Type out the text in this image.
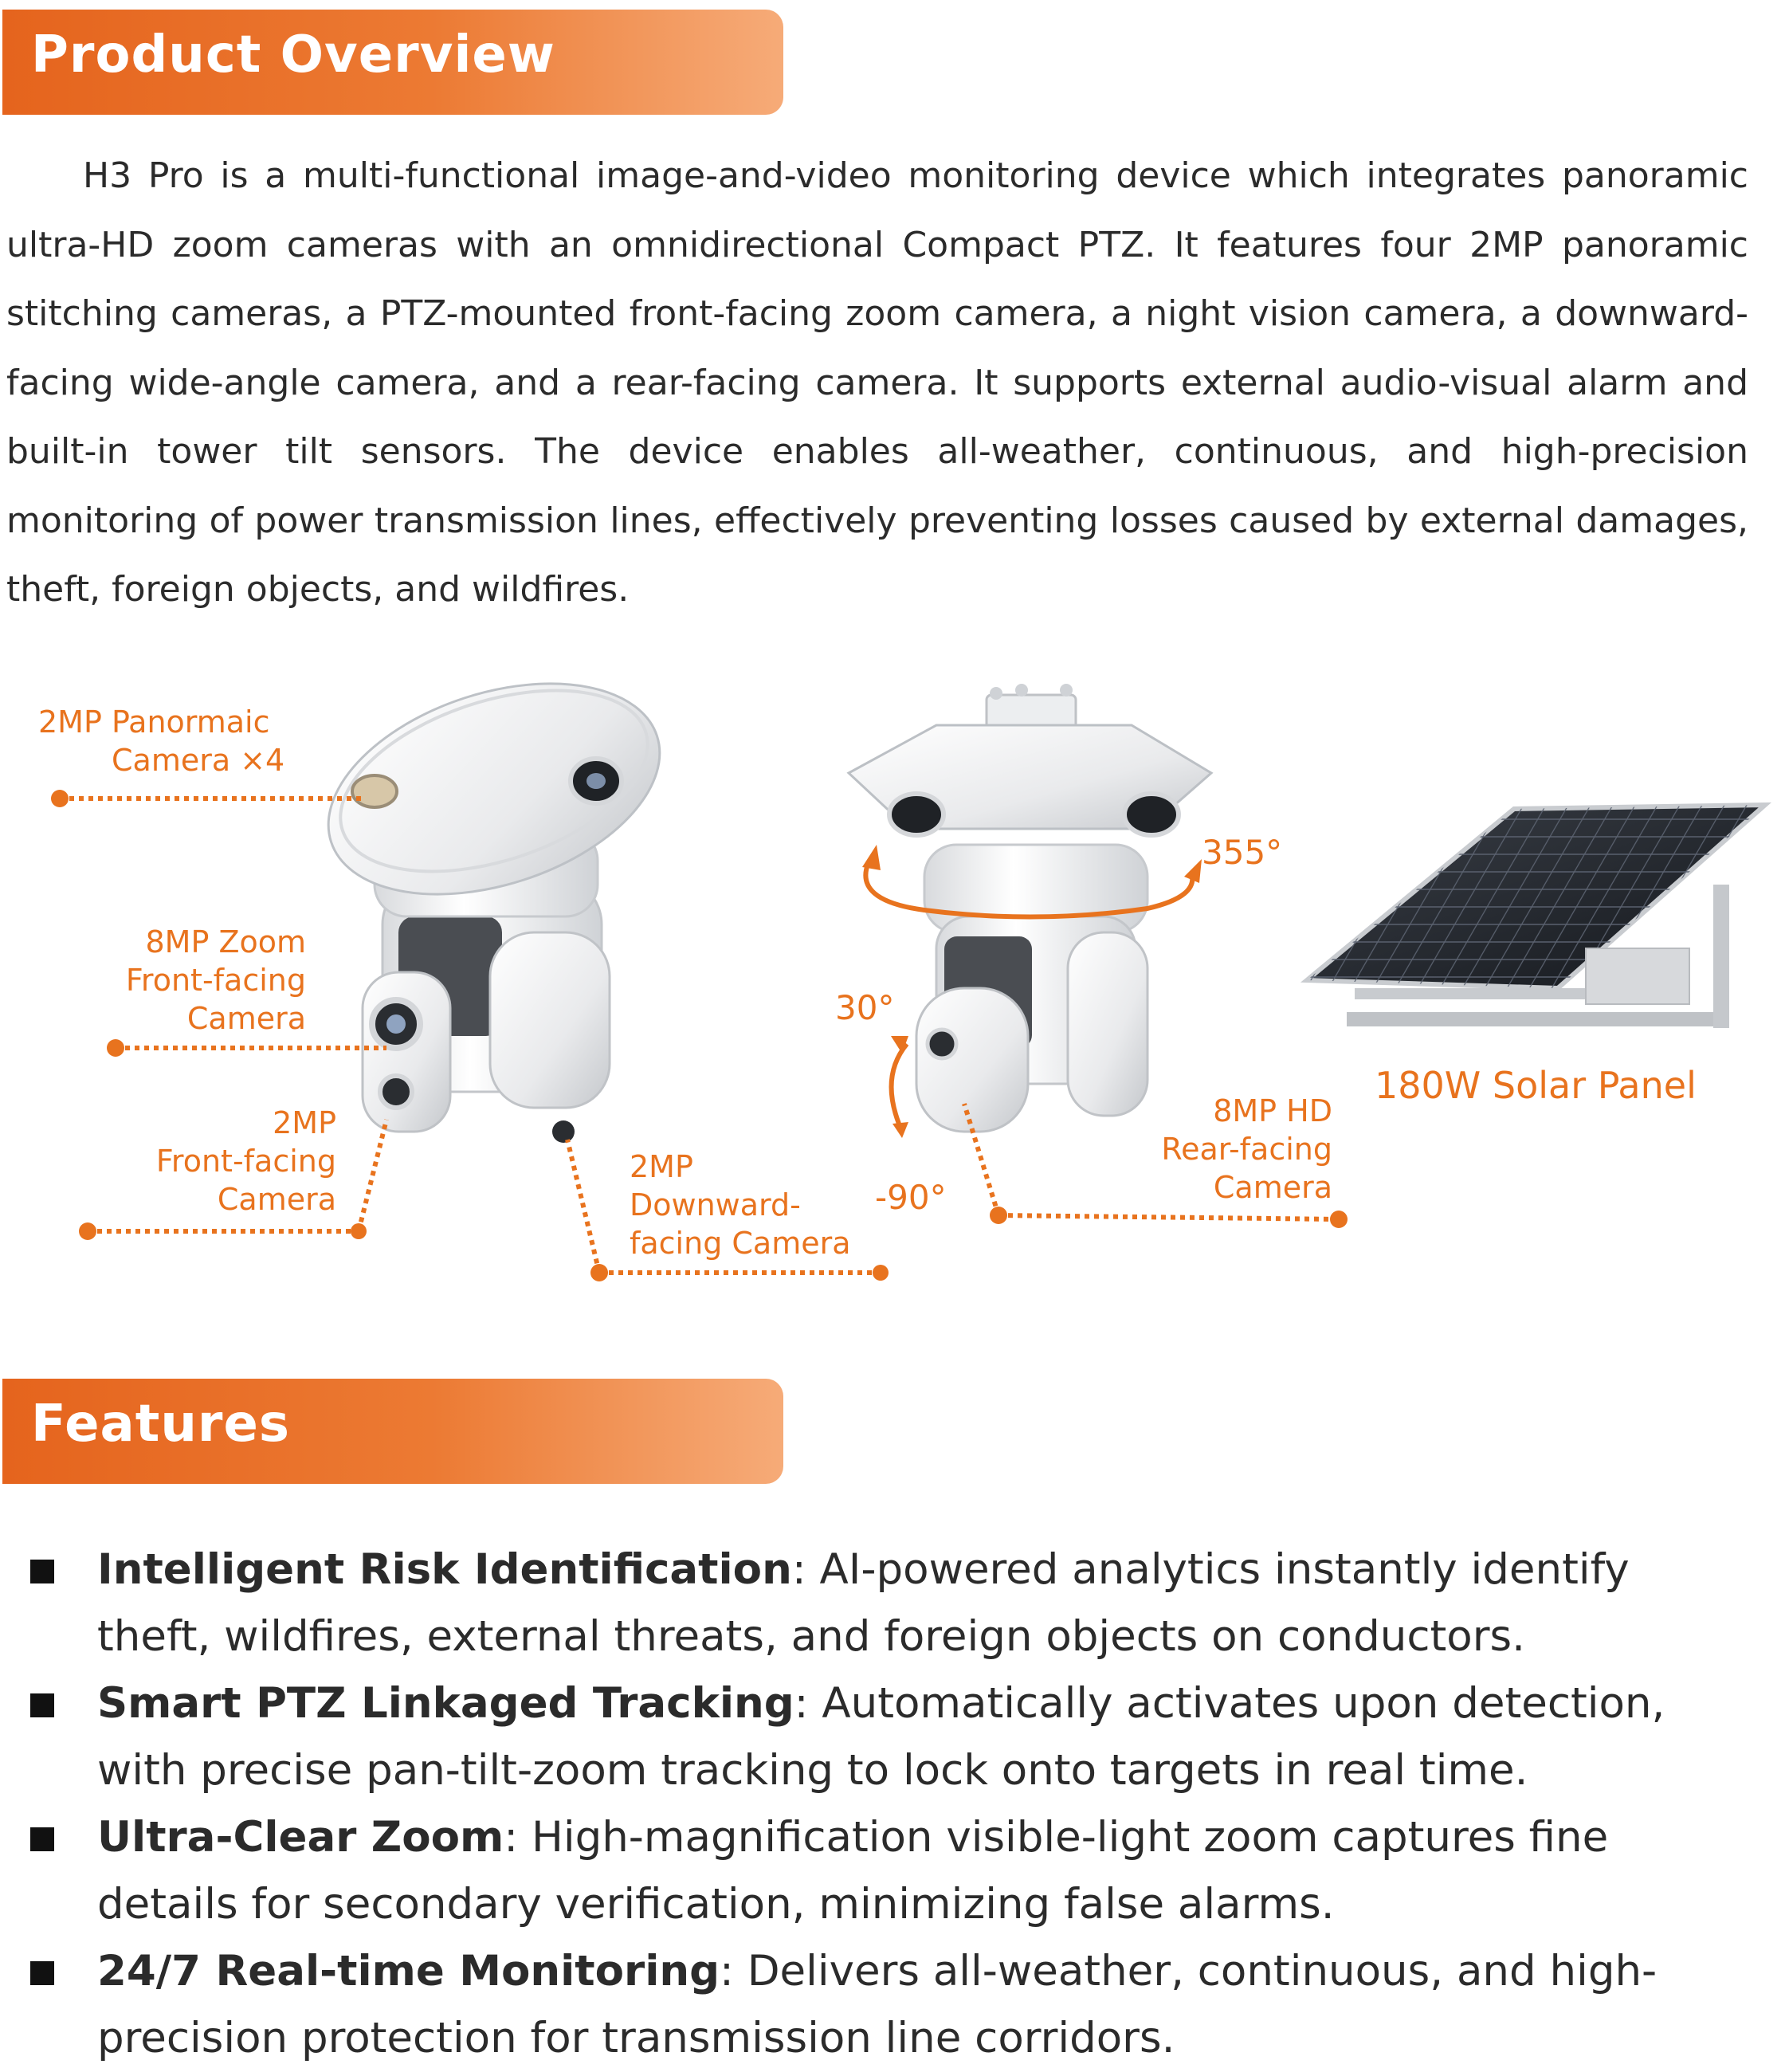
Product Overview

H3 Pro is a multi-functional image-and-video monitoring device which integrates panoramic ultra-HD zoom cameras with an omnidirectional Compact PTZ. It features four 2MP panoramic stitching cameras, a PTZ-mounted front-facing zoom camera, a night vision camera, a downward-facing wide-angle camera, and a rear-facing camera. It supports external audio-visual alarm and built-in tower tilt sensors. The device enables all-weather, continuous, and high-precision monitoring of power transmission lines, effectively preventing losses caused by external damages, theft, foreign objects, and wildfires.

2MP Panormaic
Camera ×4
8MP Zoom
Front-facing
Camera
2MP
Front-facing
Camera
2MP
Downward-
facing Camera
8MP HD
Rear-facing
Camera
180W Solar Panel
355°
30°
-90°
Features
Intelligent Risk Identification: AI-powered analytics instantly identify theft, wildfires, external threats, and foreign objects on conductors.
Smart PTZ Linkaged Tracking: Automatically activates upon detection, with precise pan-tilt-zoom tracking to lock onto targets in real time.
Ultra-Clear Zoom: High-magnification visible-light zoom captures fine details for secondary verification, minimizing false alarms.
24/7 Real-time Monitoring: Delivers all-weather, continuous, and high-precision protection for transmission line corridors.
